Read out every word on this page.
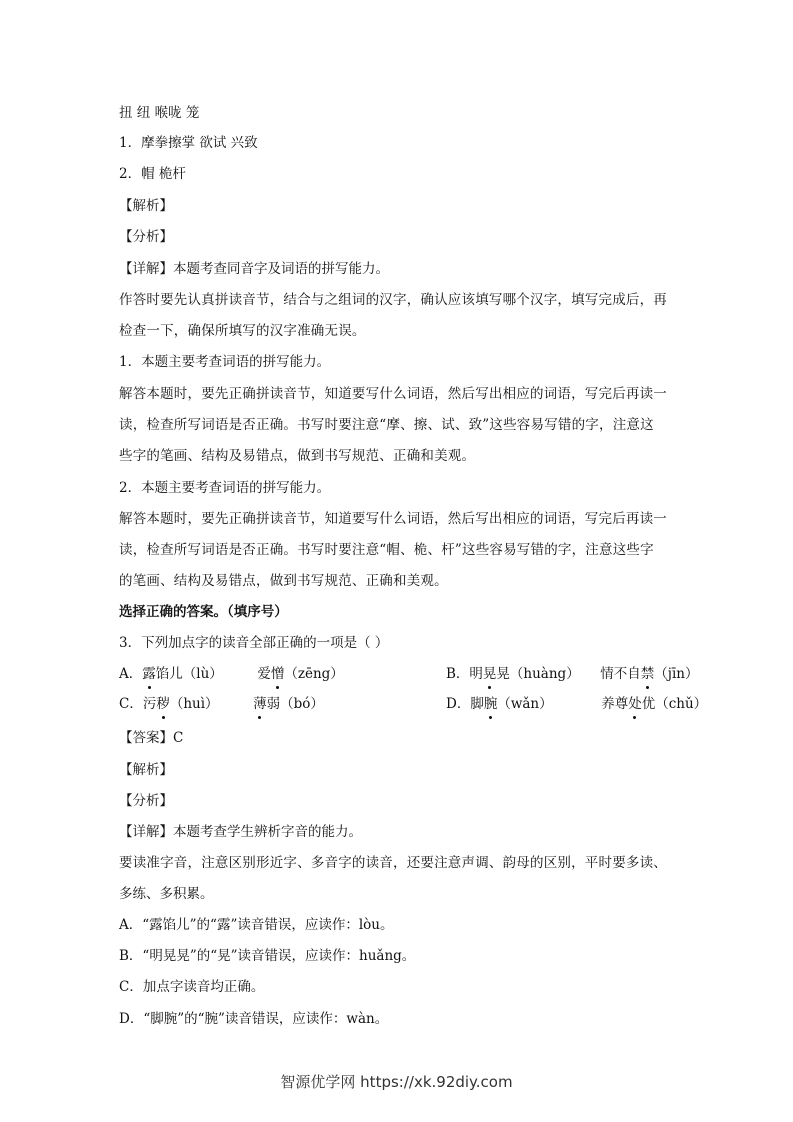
扭 纽 喉咙 笼
1．摩拳擦掌 欲试 兴致
2．帽 桅杆
【解析】
【分析】
【详解】本题考查同音字及词语的拼写能力。
作答时要先认真拼读音节，结合与之组词的汉字，确认应该填写哪个汉字，填写完成后，再
检查一下，确保所填写的汉字准确无误。
1．本题主要考查词语的拼写能力。
解答本题时，要先正确拼读音节，知道要写什么词语，然后写出相应的词语，写完后再读一
读，检查所写词语是否正确。书写时要注意“摩、擦、试、致”这些容易写错的字，注意这
些字的笔画、结构及易错点，做到书写规范、正确和美观。
2．本题主要考查词语的拼写能力。
解答本题时，要先正确拼读音节，知道要写什么词语，然后写出相应的词语，写完后再读一
读，检查所写词语是否正确。书写时要注意“帽、桅、杆”这些容易写错的字，注意这些字
的笔画、结构及易错点，做到书写规范、正确和美观。
选择正确的答案。（填序号）
3．下列加点字的读音全部正确的一项是（ ）
A．露馅儿（lù）	爱憎（zēng）	B．明晃晃（huàng） 情不自禁（jīn）
C．污秽（huì）	薄弱（bó）	D．脚腕（wǎn）	养尊处优（chǔ）
【答案】C
【解析】
【分析】
【详解】本题考查学生辨析字音的能力。
要读准字音，注意区别形近字、多音字的读音，还要注意声调、韵母的区别，平时要多读、
多练、多积累。
A．“露馅儿”的“露”读音错误，应读作：lòu。
B．“明晃晃”的“晃”读音错误，应读作：huǎng。
C．加点字读音均正确。
D．“脚腕”的“腕”读音错误，应读作：wàn。
智源优学网 https://xk.92diy.com
